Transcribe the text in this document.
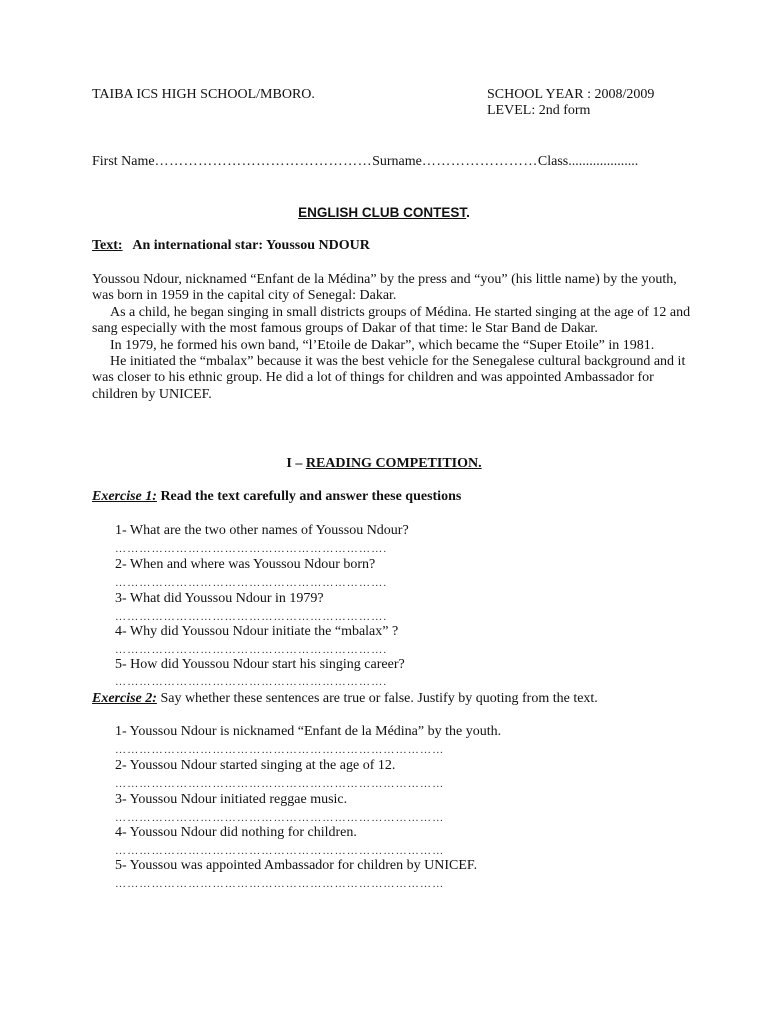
TAIBA ICS HIGH SCHOOL/MBORO.	SCHOOL YEAR : 2008/2009
LEVEL: 2nd form
First Name………………………………………Surname……………………Class....................
ENGLISH CLUB CONTEST.
Text: An international star: Youssou NDOUR
Youssou Ndour, nicknamed “Enfant de la Médina” by the press and “you” (his little name) by the youth, was born in 1959 in the capital city of Senegal: Dakar.
As a child, he began singing in small districts groups of Médina. He started singing at the age of 12 and sang especially with the most famous groups of Dakar of that time: le Star Band de Dakar.
In 1979, he formed his own band, “l’Etoile de Dakar”, which became the “Super Etoile” in 1981.
He initiated the “mbalax” because it was the best vehicle for the Senegalese cultural background and it was closer to his ethnic group. He did a lot of things for children and was appointed Ambassador for children by UNICEF.
I – READING COMPETITION.
Exercise 1: Read the text carefully and answer these questions
1- What are the two other names of Youssou Ndour?
………………………………………………………….
2- When and where was Youssou Ndour born?
………………………………………………………….
3- What did Youssou Ndour in 1979?
………………………………………………………….
4- Why did Youssou Ndour initiate the “mbalax” ?
………………………………………………………….
5- How did Youssou Ndour start his singing career?
………………………………………………………….
Exercise 2: Say whether these sentences are true or false. Justify by quoting from the text.
1- Youssou Ndour is nicknamed “Enfant de la Médina” by the youth.
………………………………………………………………………
2- Youssou Ndour started singing at the age of 12.
………………………………………………………………………
3- Youssou Ndour initiated reggae music.
………………………………………………………………………
4- Youssou Ndour did nothing for children.
………………………………………………………………………
5- Youssou was appointed Ambassador for children by UNICEF.
………………………………………………………………………
